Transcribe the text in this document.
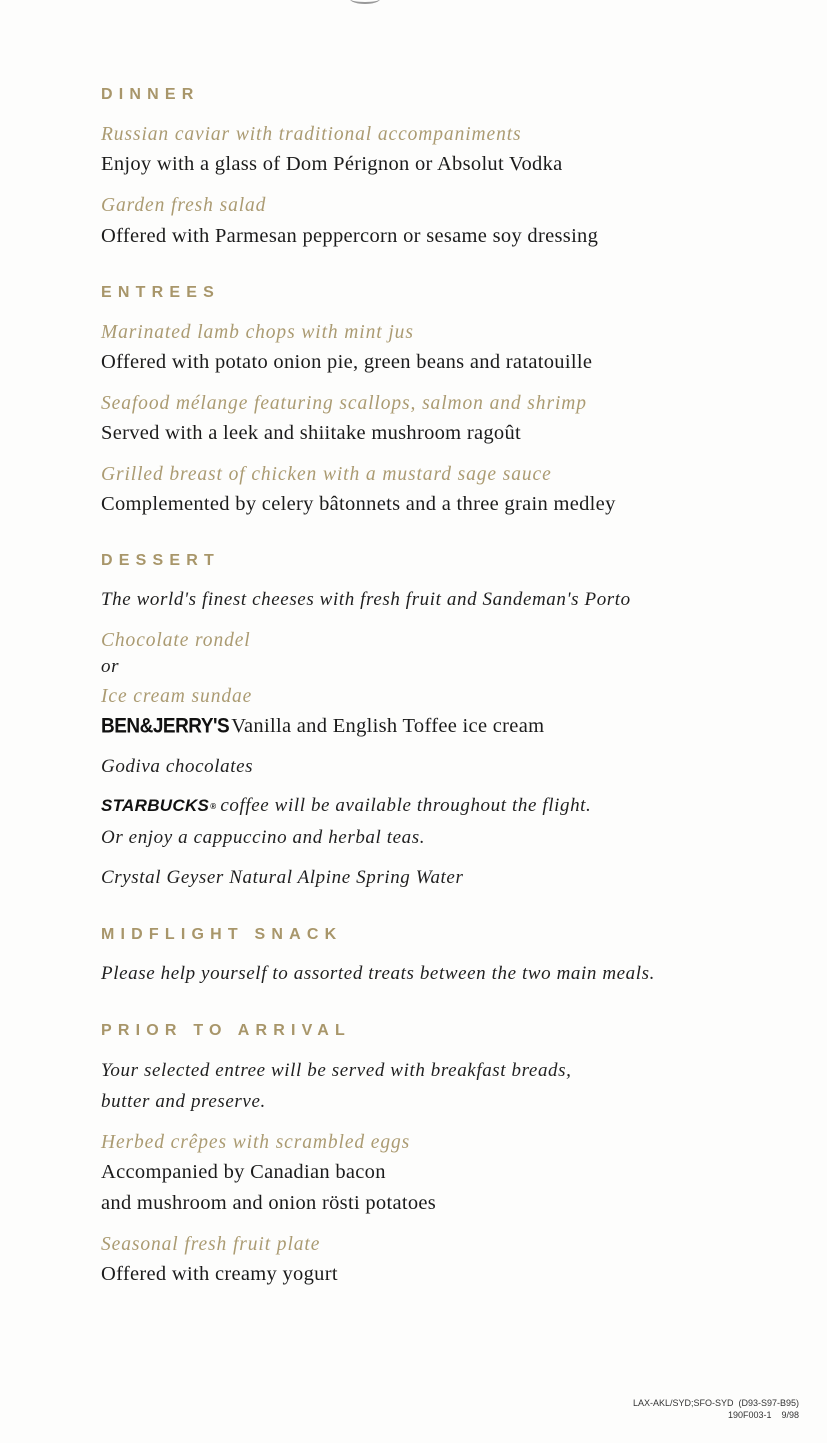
DINNER
Russian caviar with traditional accompaniments
Enjoy with a glass of Dom Pérignon or Absolut Vodka
Garden fresh salad
Offered with Parmesan peppercorn or sesame soy dressing
ENTREES
Marinated lamb chops with mint jus
Offered with potato onion pie, green beans and ratatouille
Seafood mélange featuring scallops, salmon and shrimp
Served with a leek and shiitake mushroom ragoût
Grilled breast of chicken with a mustard sage sauce
Complemented by celery bâtonnets and a three grain medley
DESSERT
The world's finest cheeses with fresh fruit and Sandeman's Porto
Chocolate rondel
or
Ice cream sundae
BEN&JERRY'SVanilla and English Toffee ice cream
Godiva chocolates
STARBUCKS® coffee will be available throughout the flight.
Or enjoy a cappuccino and herbal teas.
Crystal Geyser Natural Alpine Spring Water
MIDFLIGHT SNACK
Please help yourself to assorted treats between the two main meals.
PRIOR TO ARRIVAL
Your selected entree will be served with breakfast breads,
butter and preserve.
Herbed crêpes with scrambled eggs
Accompanied by Canadian bacon
and mushroom and onion rösti potatoes
Seasonal fresh fruit plate
Offered with creamy yogurt
LAX-AKL/SYD;SFO-SYD  (D93-S97-B95)
190F003-1    9/98
